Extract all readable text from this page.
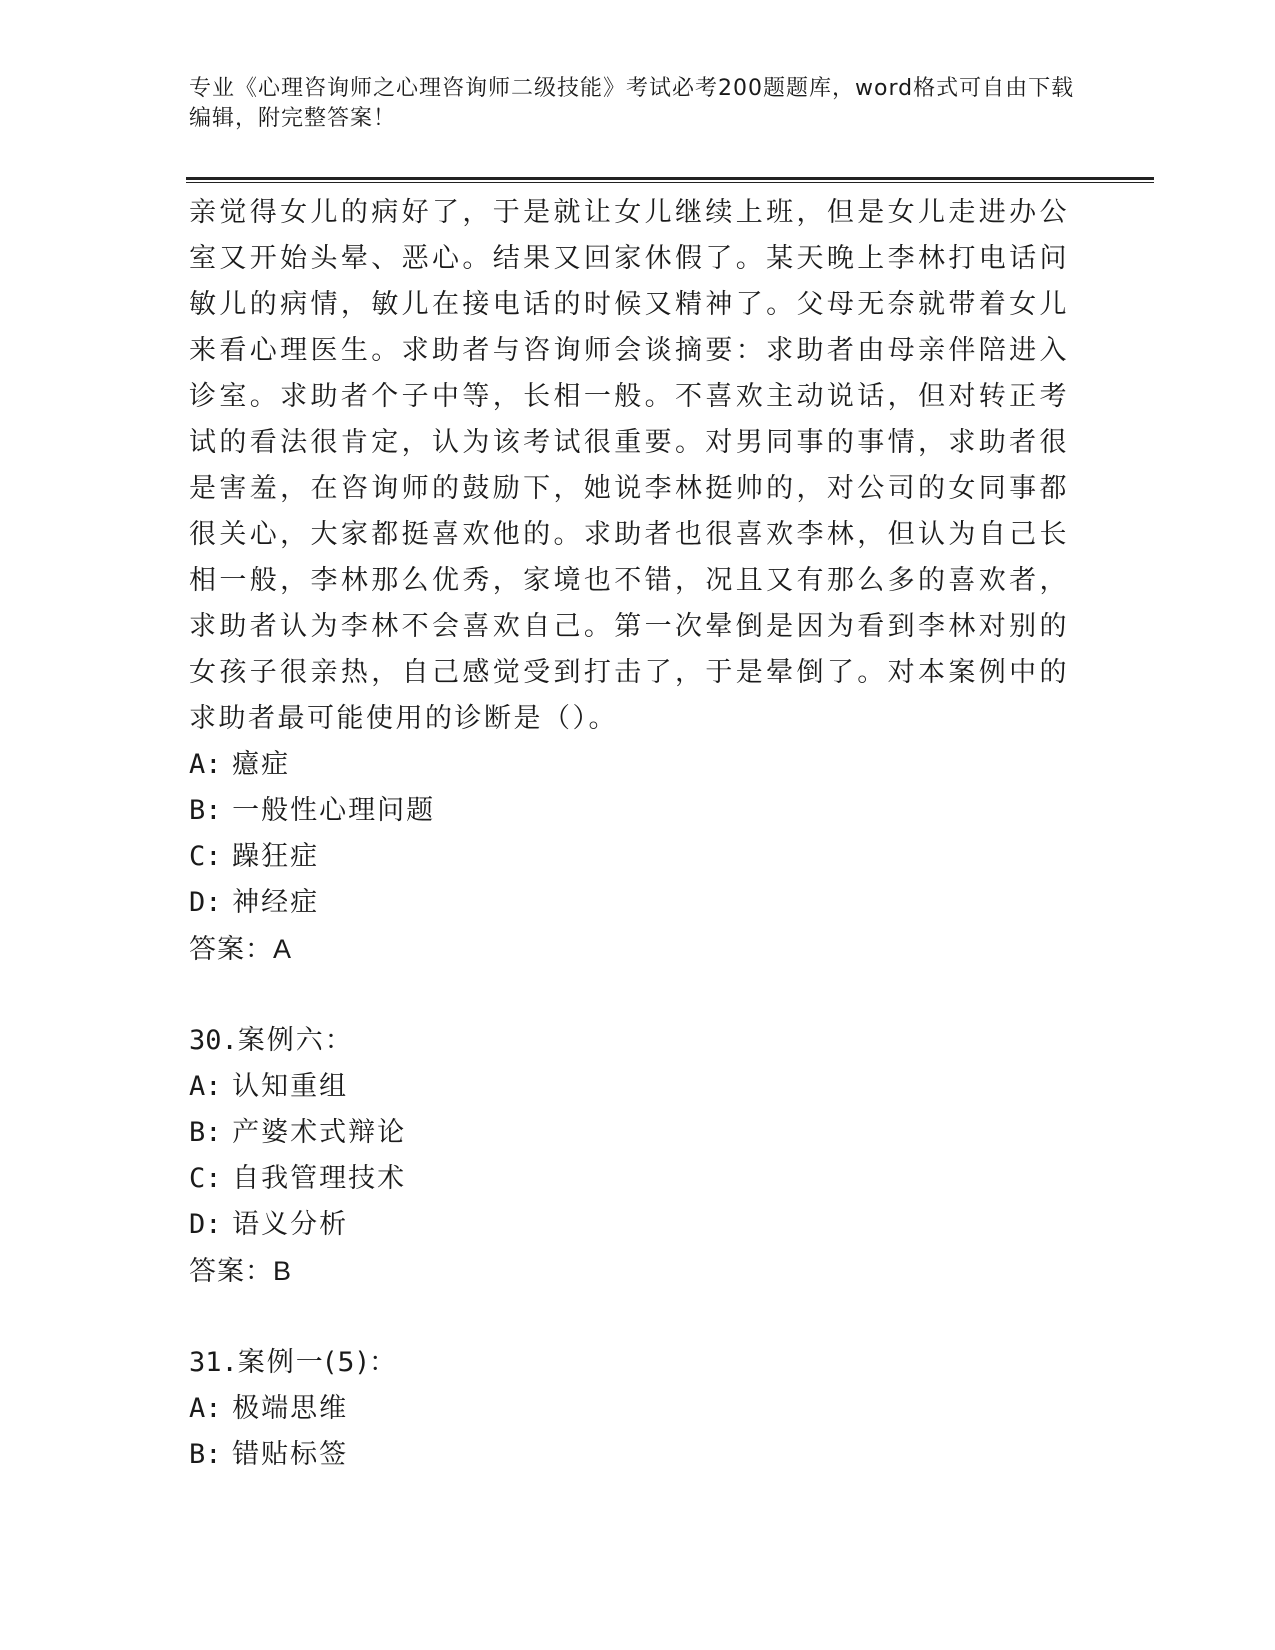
专业《心理咨询师之心理咨询师二级技能》考试必考200题题库，word格式可自由下载编辑，附完整答案！

亲觉得女儿的病好了，于是就让女儿继续上班，但是女儿走进办公室又开始头晕、恶心。结果又回家休假了。某天晚上李林打电话问敏儿的病情，敏儿在接电话的时候又精神了。父母无奈就带着女儿来看心理医生。求助者与咨询师会谈摘要：求助者由母亲伴陪进入诊室。求助者个子中等，长相一般。不喜欢主动说话，但对转正考试的看法很肯定，认为该考试很重要。对男同事的事情，求助者很是害羞，在咨询师的鼓励下，她说李林挺帅的，对公司的女同事都很关心，大家都挺喜欢他的。求助者也很喜欢李林，但认为自己长相一般，李林那么优秀，家境也不错，况且又有那么多的喜欢者，求助者认为李林不会喜欢自己。第一次晕倒是因为看到李林对别的女孩子很亲热，自己感觉受到打击了，于是晕倒了。对本案例中的求助者最可能使用的诊断是（）。

A: 癔症
B: 一般性心理问题
C: 躁狂症
D: 神经症
答案：A
30.案例六：
A: 认知重组
B: 产婆术式辩论
C: 自我管理技术
D: 语义分析
答案：B
31.案例一(5)：
A: 极端思维
B: 错贴标签
